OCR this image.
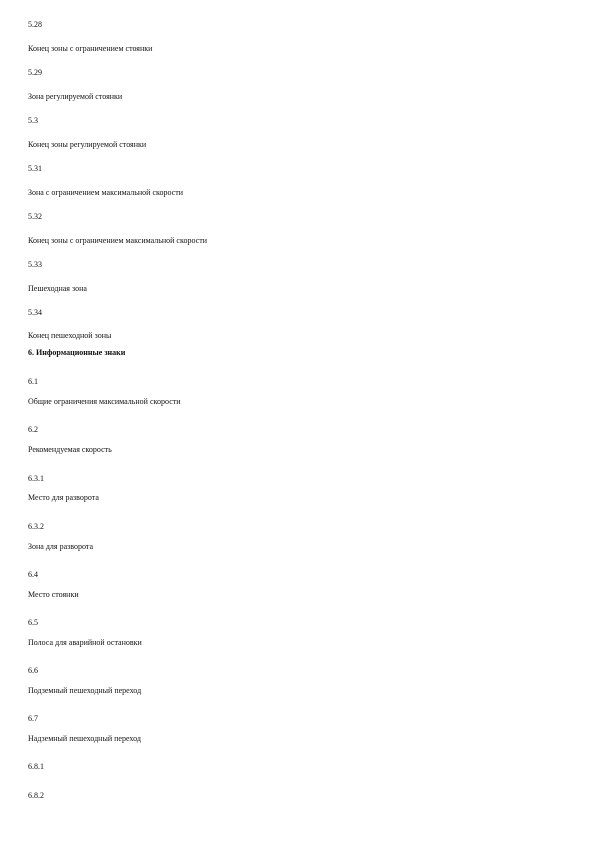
5.28
Конец зоны с ограничением стоянки
5.29
Зона регулируемой стоянки
5.3
Конец зоны регулируемой стоянки
5.31
Зона с ограничением максимальной скорости
5.32
Конец зоны с ограничением максимальной скорости
5.33
Пешеходная зона
5.34
Конец пешеходной зоны
6. Информационные знаки
6.1
Общие ограничения максимальной скорости
6.2
Рекомендуемая скорость
6.3.1
Место для разворота
6.3.2
Зона для разворота
6.4
Место стоянки
6.5
Полоса для аварийной остановки
6.6
Подземный пешеходный переход
6.7
Надземный пешеходный переход
6.8.1
6.8.2
